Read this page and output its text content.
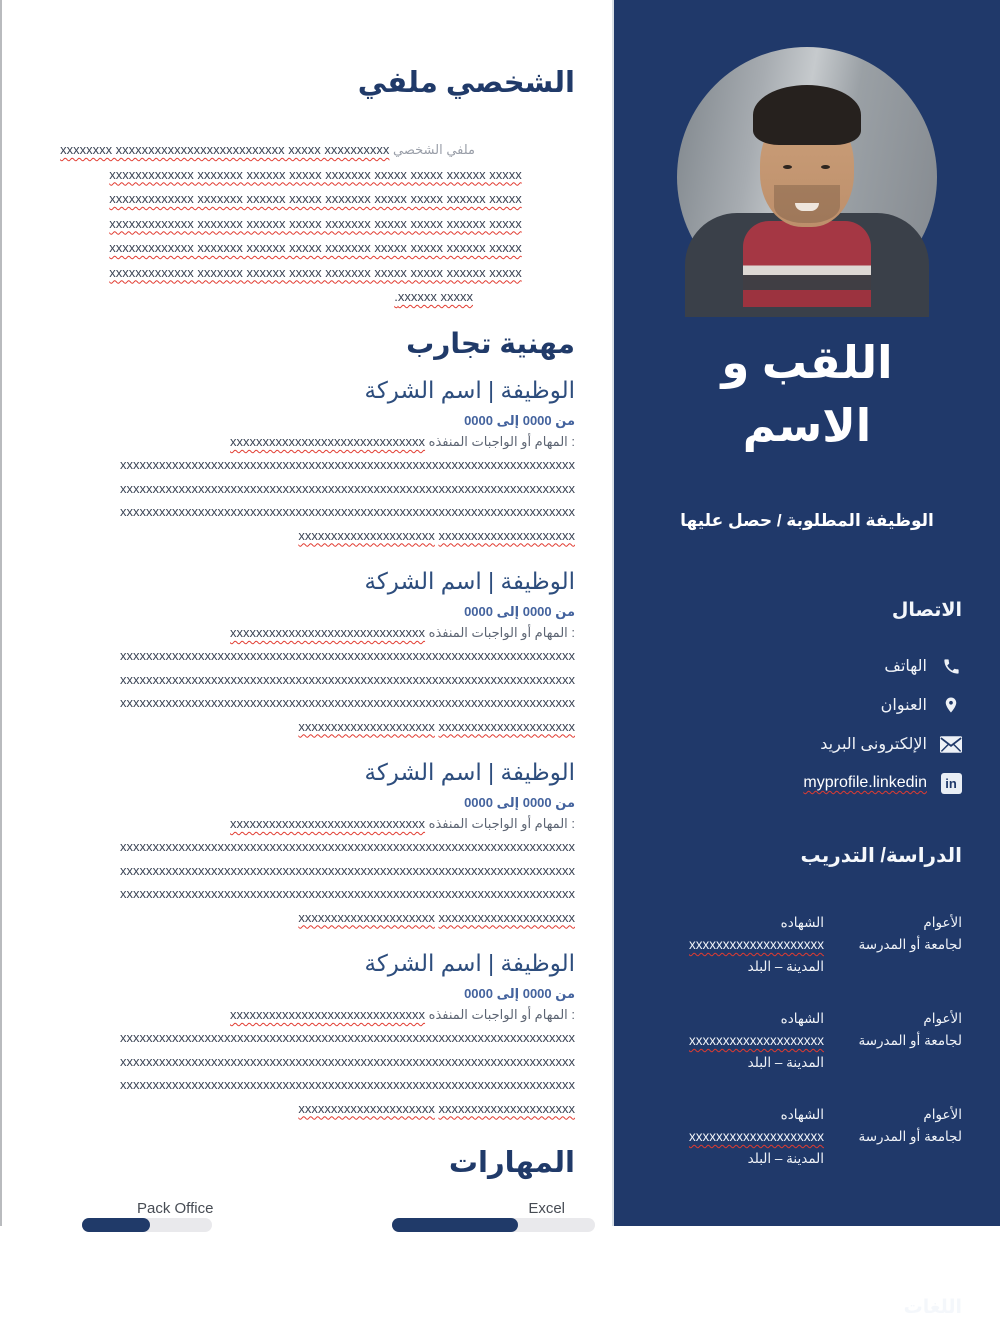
الشخصي ملفي
ملفي الشخصي xxxxxxxx xxxxxxxxxxxxxxxxxxxxxxxxxx xxxxx xxxxxxxxxx
xxxxxxxxxxxxx xxxxxxx xxxxxx xxxxx xxxxxxx xxxxx xxxxx xxxxxx xxxxx
xxxxxxxxxxxxx xxxxxxx xxxxxx xxxxx xxxxxxx xxxxx xxxxx xxxxxx xxxxx
xxxxxxxxxxxxx xxxxxxx xxxxxx xxxxx xxxxxxx xxxxx xxxxx xxxxxx xxxxx
xxxxxxxxxxxxx xxxxxxx xxxxxx xxxxx xxxxxxx xxxxx xxxxx xxxxxx xxxxx
xxxxxxxxxxxxx xxxxxxx xxxxxx xxxxx xxxxxxx xxxxx xxxxx xxxxxx xxxxx
xxxxxx xxxxx.
مهنية تجارب
الوظيفة | اسم الشركة
من 0000 إلى 0000
: المهام أو الواجبات المنفذه xxxxxxxxxxxxxxxxxxxxxxxxxxxxxx
xxxxxxxxxxxxxxxxxxxxxxxxxxxxxxxxxxxxxxxxxxxxxxxxxxxxxxxxxxxxxxxxxxxxxx
xxxxxxxxxxxxxxxxxxxxxxxxxxxxxxxxxxxxxxxxxxxxxxxxxxxxxxxxxxxxxxxxxxxxxx
xxxxxxxxxxxxxxxxxxxxxxxxxxxxxxxxxxxxxxxxxxxxxxxxxxxxxxxxxxxxxxxxxxxxxx
xxxxxxxxxxxxxxxxxxxxx xxxxxxxxxxxxxxxxxxxxx
الوظيفة | اسم الشركة
من 0000 إلى 0000
: المهام أو الواجبات المنفذه xxxxxxxxxxxxxxxxxxxxxxxxxxxxxx
xxxxxxxxxxxxxxxxxxxxxxxxxxxxxxxxxxxxxxxxxxxxxxxxxxxxxxxxxxxxxxxxxxxxxx
xxxxxxxxxxxxxxxxxxxxxxxxxxxxxxxxxxxxxxxxxxxxxxxxxxxxxxxxxxxxxxxxxxxxxx
xxxxxxxxxxxxxxxxxxxxxxxxxxxxxxxxxxxxxxxxxxxxxxxxxxxxxxxxxxxxxxxxxxxxxx
xxxxxxxxxxxxxxxxxxxxx xxxxxxxxxxxxxxxxxxxxx
الوظيفة | اسم الشركة
من 0000 إلى 0000
: المهام أو الواجبات المنفذه xxxxxxxxxxxxxxxxxxxxxxxxxxxxxx
xxxxxxxxxxxxxxxxxxxxxxxxxxxxxxxxxxxxxxxxxxxxxxxxxxxxxxxxxxxxxxxxxxxxxx
xxxxxxxxxxxxxxxxxxxxxxxxxxxxxxxxxxxxxxxxxxxxxxxxxxxxxxxxxxxxxxxxxxxxxx
xxxxxxxxxxxxxxxxxxxxxxxxxxxxxxxxxxxxxxxxxxxxxxxxxxxxxxxxxxxxxxxxxxxxxx
xxxxxxxxxxxxxxxxxxxxx xxxxxxxxxxxxxxxxxxxxx
الوظيفة | اسم الشركة
من 0000 إلى 0000
: المهام أو الواجبات المنفذه xxxxxxxxxxxxxxxxxxxxxxxxxxxxxx
xxxxxxxxxxxxxxxxxxxxxxxxxxxxxxxxxxxxxxxxxxxxxxxxxxxxxxxxxxxxxxxxxxxxxx
xxxxxxxxxxxxxxxxxxxxxxxxxxxxxxxxxxxxxxxxxxxxxxxxxxxxxxxxxxxxxxxxxxxxxx
xxxxxxxxxxxxxxxxxxxxxxxxxxxxxxxxxxxxxxxxxxxxxxxxxxxxxxxxxxxxxxxxxxxxxx
xxxxxxxxxxxxxxxxxxxxx xxxxxxxxxxxxxxxxxxxxx
المهارات
Excel
Pack Office
اللقب و الاسم
الوظيفة المطلوبة / حصل عليها
الاتصال
الهاتف
العنوان
الإلكترونى البريد
in
myprofile.linkedin
الدراسة/ التدريب
الأعوام
لجامعة أو المدرسة
الشهاده xxxxxxxxxxxxxxxxxxxx
المدينة – البلد
الأعوام
لجامعة أو المدرسة
الشهاده xxxxxxxxxxxxxxxxxxxx
المدينة – البلد
الأعوام
لجامعة أو المدرسة
الشهاده xxxxxxxxxxxxxxxxxxxx
المدينة – البلد
اللغات
